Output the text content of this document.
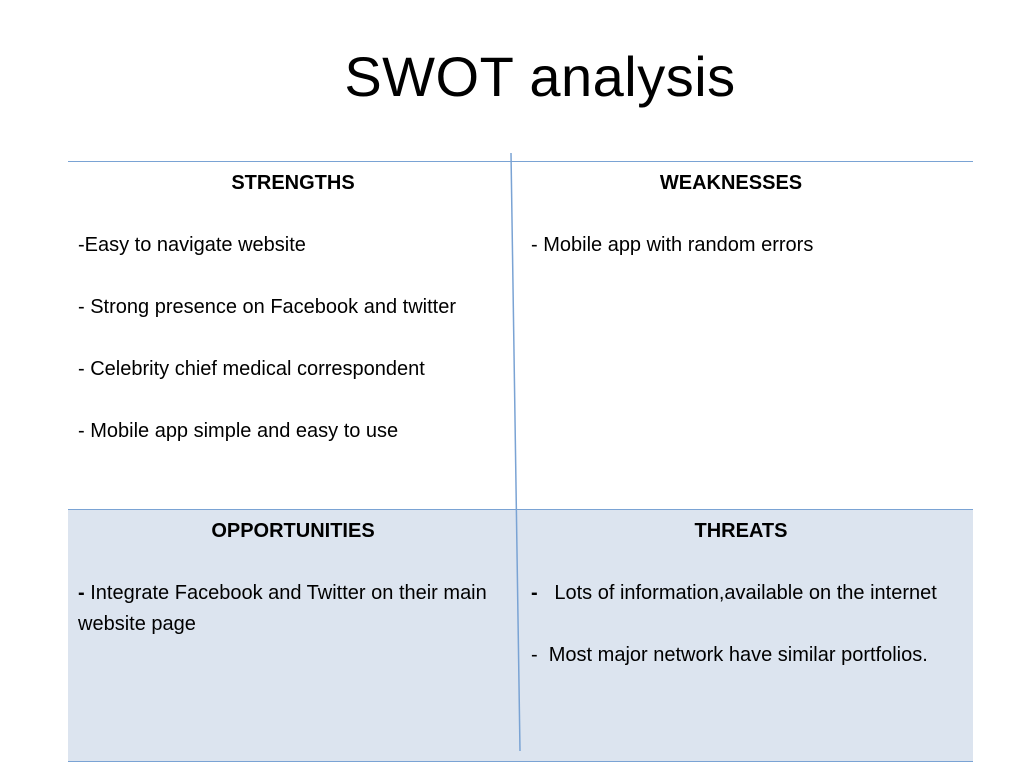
SWOT analysis

STRENGTHS

-Easy to navigate website

- Strong presence on Facebook and twitter

- Celebrity chief medical correspondent

- Mobile app simple and easy to use

WEAKNESSES

- Mobile app with random errors

OPPORTUNITIES

- Integrate Facebook and Twitter on their main website page

THREATS

-   Lots of information,available on the internet

-  Most major network have similar portfolios.
